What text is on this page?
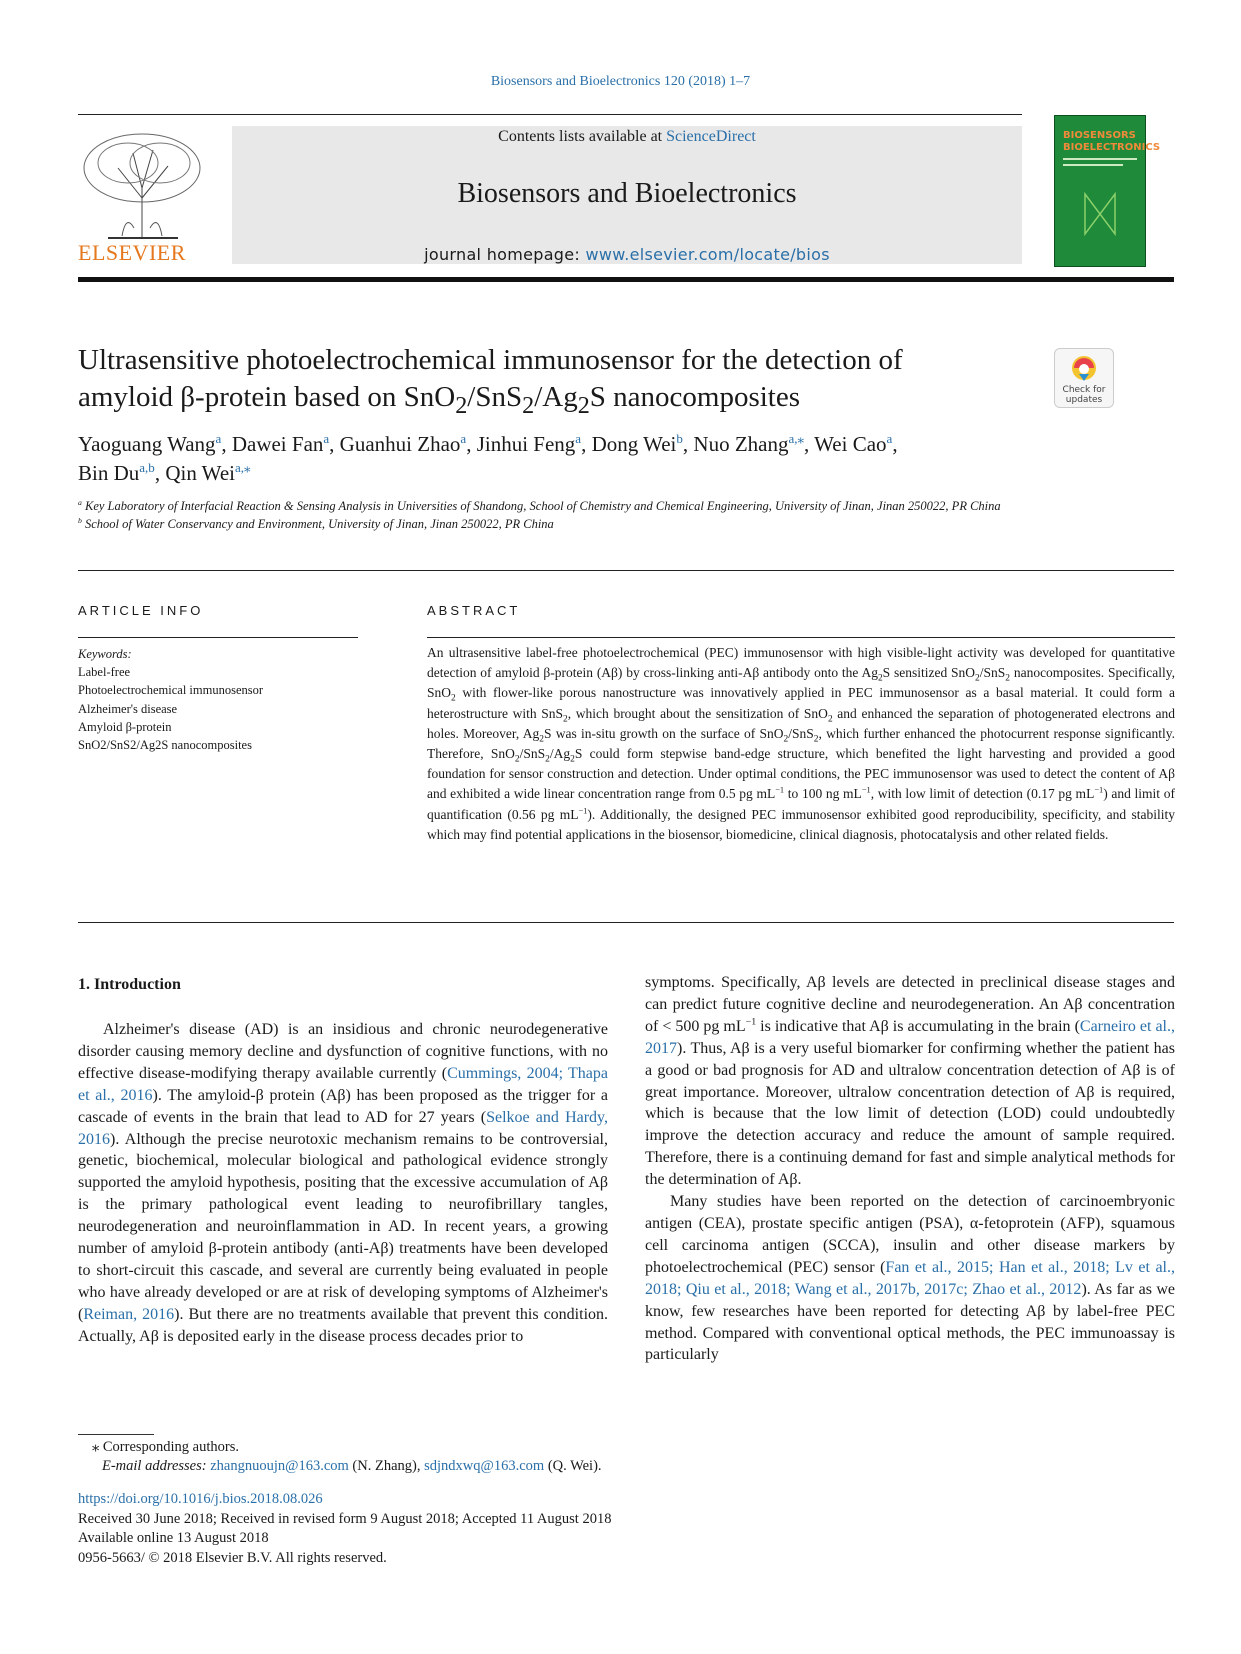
Biosensors and Bioelectronics 120 (2018) 1–7
ELSEVIER
Contents lists available at ScienceDirect
Biosensors and Bioelectronics
journal homepage: www.elsevier.com/locate/bios
BIOSENSORS BIOELECTRONICS
Ultrasensitive photoelectrochemical immunosensor for the detection of
amyloid β-protein based on $SnO_2/SnS_2/Ag_2S$ nanocomposites	Check for updates
Yaoguang Wang$^a$, Dawei Fan$^a$, Guanhui Zhao$^a$, Jinhui Feng$^a$, Dong Wei$^b$, Nuo Zhang$^{a,⁎}$, Wei Cao$^a$,
Bin Du$^{a,b}$, Qin Wei$^{a,⁎}$
$^a$ Key Laboratory of Interfacial Reaction & Sensing Analysis in Universities of Shandong, School of Chemistry and Chemical Engineering, University of Jinan, Jinan 250022, PR China
$^b$ School of Water Conservancy and Environment, University of Jinan, Jinan 250022, PR China
ARTICLE INFO	ABSTRACT
Keywords:
Label-free
Photoelectrochemical immunosensor
Alzheimer's disease
Amyloid β-protein
SnO2/SnS2/Ag2S nanocomposites
An ultrasensitive label-free photoelectrochemical (PEC) immunosensor with high visible-light activity was developed for quantitative detection of amyloid β-protein (Aβ) by cross-linking anti-Aβ antibody onto the $Ag_2S$ sensitized SnO$_2$/SnS$_2$ nanocomposites. Specifically, SnO$_2$ with flower-like porous nanostructure was innovatively applied in PEC immunosensor as a basal material. It could form a heterostructure with SnS$_2$, which brought about the sensitization of SnO$_2$ and enhanced the separation of photogenerated electrons and holes. Moreover, $Ag_2S$ was in-situ growth on the surface of SnO$_2$/SnS$_2$, which further enhanced the photocurrent response significantly. Therefore, $SnO_2/SnS_2/Ag_2S$ could form stepwise band-edge structure, which benefited the light harvesting and provided a good foundation for sensor construction and detection. Under optimal conditions, the PEC immunosensor was used to detect the content of Aβ and exhibited a wide linear concentration range from 0.5 pg $mL^{-1}$ to 100 ng $mL^{-1}$, with low limit of detection (0.17 pg $mL^{-1}$) and limit of quantification (0.56 pg $mL^{-1}$). Additionally, the designed PEC immunosensor exhibited good reproducibility, specificity, and stability which may find potential applications in the biosensor, biomedicine, clinical diagnosis, photocatalysis and other related fields.
1. Introduction

Alzheimer's disease (AD) is an insidious and chronic neurodegenerative disorder causing memory decline and dysfunction of cognitive functions, with no effective disease-modifying therapy available currently (Cummings, 2004; Thapa et al., 2016). The amyloid-β protein (Aβ) has been proposed as the trigger for a cascade of events in the brain that lead to AD for 27 years (Selkoe and Hardy, 2016). Although the precise neurotoxic mechanism remains to be controversial, genetic, biochemical, molecular biological and pathological evidence strongly supported the amyloid hypothesis, positing that the excessive accumulation of Aβ is the primary pathological event leading to neurofibrillary tangles, neurodegeneration and neuroinflammation in AD. In recent years, a growing number of amyloid β-protein antibody (anti-Aβ) treatments have been developed to short-circuit this cascade, and several are currently being evaluated in people who have already developed or are at risk of developing symptoms of Alzheimer's (Reiman, 2016). But there are no treatments available that prevent this condition. Actually, Aβ is deposited early in the disease process decades prior to

symptoms. Specifically, Aβ levels are detected in preclinical disease stages and can predict future cognitive decline and neurodegeneration. An Aβ concentration of < 500 pg $mL^{-1}$ is indicative that Aβ is accumulating in the brain (Carneiro et al., 2017). Thus, Aβ is a very useful biomarker for confirming whether the patient has a good or bad prognosis for AD and ultralow concentration detection of Aβ is of great importance. Moreover, ultralow concentration detection of Aβ is required, which is because that the low limit of detection (LOD) could undoubtedly improve the detection accuracy and reduce the amount of sample required. Therefore, there is a continuing demand for fast and simple analytical methods for the determination of Aβ.

Many studies have been reported on the detection of carcinoembryonic antigen (CEA), prostate specific antigen (PSA), α-fetoprotein (AFP), squamous cell carcinoma antigen (SCCA), insulin and other disease markers by photoelectrochemical (PEC) sensor (Fan et al., 2015; Han et al., 2018; Lv et al., 2018; Qiu et al., 2018; Wang et al., 2017b, 2017c; Zhao et al., 2012). As far as we know, few researches have been reported for detecting Aβ by label-free PEC method. Compared with conventional optical methods, the PEC immunoassay is particularly

⁎ Corresponding authors.
E-mail addresses: zhangnuoujn@163.com (N. Zhang), sdjndxwq@163.com (Q. Wei).
https://doi.org/10.1016/j.bios.2018.08.026
Received 30 June 2018; Received in revised form 9 August 2018; Accepted 11 August 2018
Available online 13 August 2018
0956-5663/ © 2018 Elsevier B.V. All rights reserved.
